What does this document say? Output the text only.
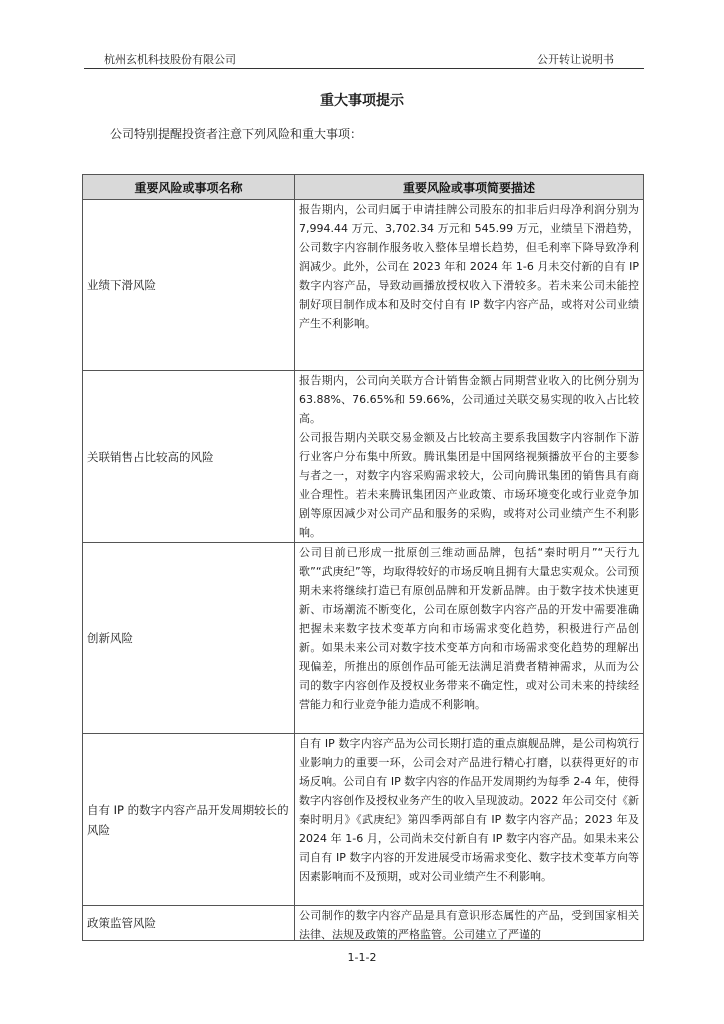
杭州玄机科技股份有限公司	公开转让说明书
重大事项提示
公司特别提醒投资者注意下列风险和重大事项：
重要风险或事项名称	重要风险或事项简要描述
业绩下滑风险	报告期内，公司归属于申请挂牌公司股东的扣非后归母净利润分别为 7,994.44 万元、3,702.34 万元和 545.99 万元，业绩呈下滑趋势，公司数字内容制作服务收入整体呈增长趋势，但毛利率下降导致净利润减少。此外，公司在 2023 年和 2024 年 1-6 月未交付新的自有 IP 数字内容产品，导致动画播放授权收入下滑较多。若未来公司未能控制好项目制作成本和及时交付自有 IP 数字内容产品，或将对公司业绩产生不利影响。

关联销售占比较高的风险	报告期内，公司向关联方合计销售金额占同期营业收入的比例分别为 63.88%、76.65%和 59.66%，公司通过关联交易实现的收入占比较高。
公司报告期内关联交易金额及占比较高主要系我国数字内容制作下游行业客户分布集中所致。腾讯集团是中国网络视频播放平台的主要参与者之一，对数字内容采购需求较大，公司向腾讯集团的销售具有商业合理性。若未来腾讯集团因产业政策、市场环境变化或行业竞争加剧等原因减少对公司产品和服务的采购，或将对公司业绩产生不利影响。

创新风险	公司目前已形成一批原创三维动画品牌，包括“秦时明月”“天行九歌”“武庚纪”等，均取得较好的市场反响且拥有大量忠实观众。公司预期未来将继续打造已有原创品牌和开发新品牌。由于数字技术快速更新、市场潮流不断变化，公司在原创数字内容产品的开发中需要准确把握未来数字技术变革方向和市场需求变化趋势，积极进行产品创新。如果未来公司对数字技术变革方向和市场需求变化趋势的理解出现偏差，所推出的原创作品可能无法满足消费者精神需求，从而为公司的数字内容创作及授权业务带来不确定性，或对公司未来的持续经营能力和行业竞争能力造成不利影响。

自有 IP 的数字内容产品开发周期较长的风险	自有 IP 数字内容产品为公司长期打造的重点旗舰品牌，是公司构筑行业影响力的重要一环，公司会对产品进行精心打磨，以获得更好的市场反响。公司自有 IP 数字内容的作品开发周期约为每季 2-4 年，使得数字内容创作及授权业务产生的收入呈现波动。2022 年公司交付《新秦时明月》《武庚纪》第四季两部自有 IP 数字内容产品；2023 年及 2024 年 1-6 月，公司尚未交付新自有 IP 数字内容产品。如果未来公司自有 IP 数字内容的开发进展受市场需求变化、数字技术变革方向等因素影响而不及预期，或对公司业绩产生不利影响。

政策监管风险	公司制作的数字内容产品是具有意识形态属性的产品，受到国家相关法律、法规及政策的严格监管。公司建立了严谨的
1-1-2
